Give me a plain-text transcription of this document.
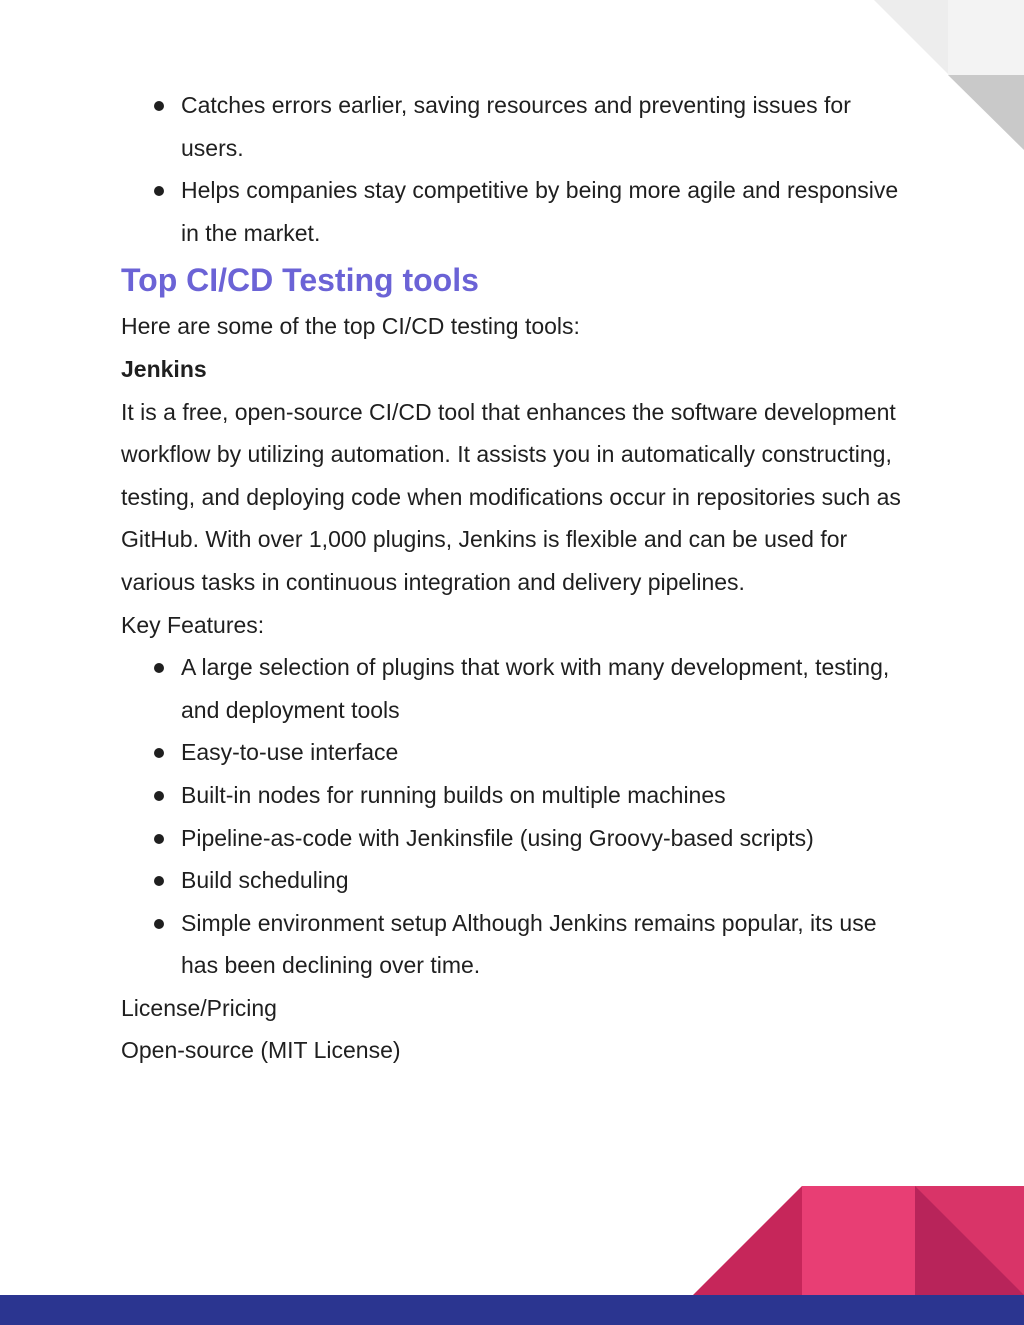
Catches errors earlier, saving resources and preventing issues for users.
Helps companies stay competitive by being more agile and responsive in the market.
Top CI/CD Testing tools

Here are some of the top CI/CD testing tools:

Jenkins

It is a free, open-source CI/CD tool that enhances the software development workflow by utilizing automation. It assists you in automatically constructing, testing, and deploying code when modifications occur in repositories such as GitHub. With over 1,000 plugins, Jenkins is flexible and can be used for various tasks in continuous integration and delivery pipelines.

Key Features:

A large selection of plugins that work with many development, testing, and deployment tools
Easy-to-use interface
Built-in nodes for running builds on multiple machines
Pipeline-as-code with Jenkinsfile (using Groovy-based scripts)
Build scheduling
Simple environment setup Although Jenkins remains popular, its use has been declining over time.

License/Pricing

Open-source (MIT License)
